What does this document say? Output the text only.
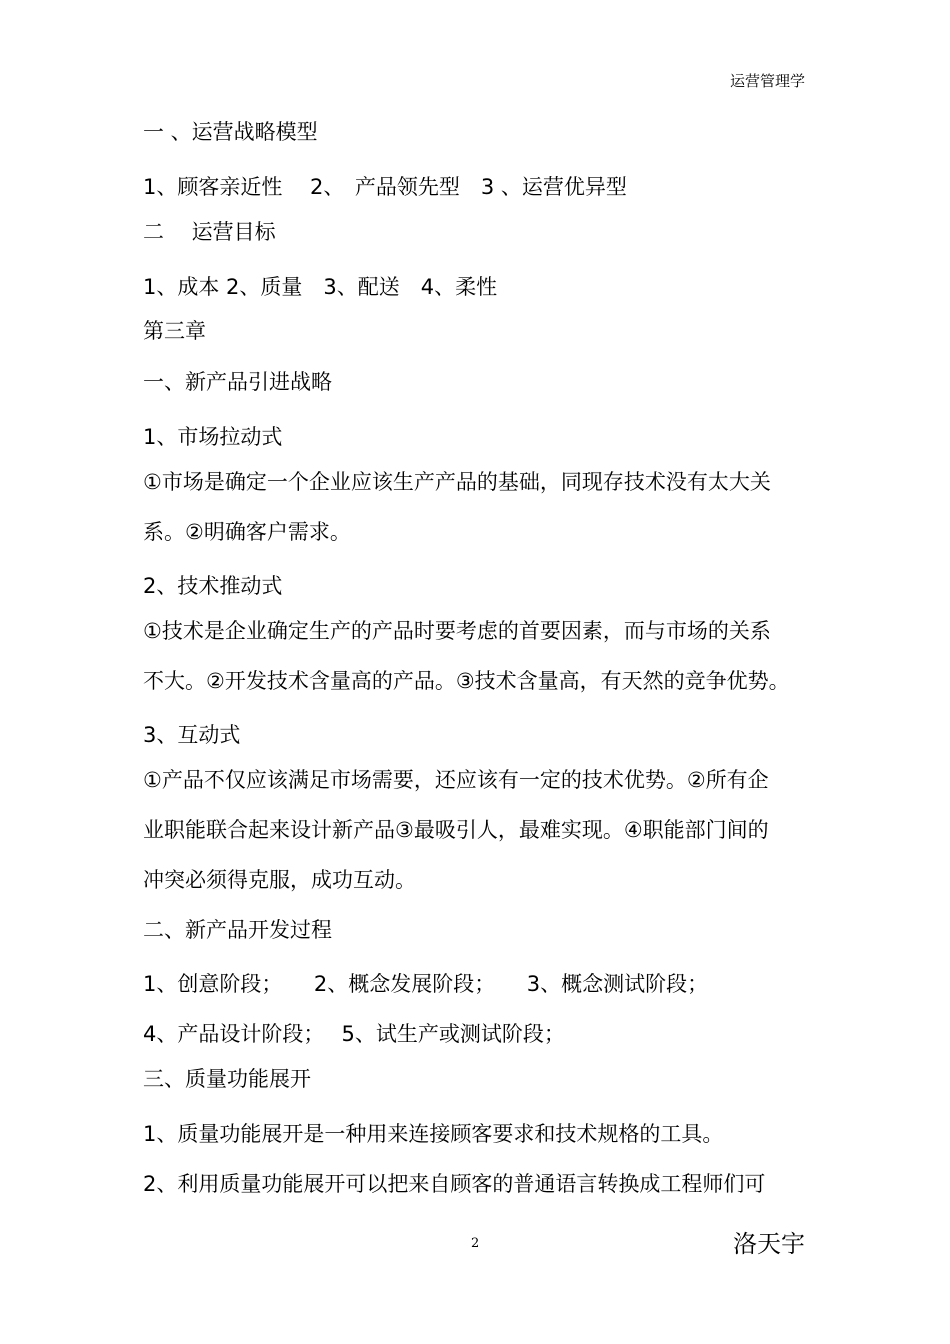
运营管理学
一 、运营战略模型
1、顾客亲近性　 2、　产品领先型　3 、运营优异型
二　 运营目标
1、成本 2、质量　3、配送　4、柔性
第三章
一、新产品引进战略
1、市场拉动式
①市场是确定一个企业应该生产产品的基础，同现存技术没有太大关
系。②明确客户需求。
2、技术推动式
①技术是企业确定生产的产品时要考虑的首要因素，而与市场的关系
不大。②开发技术含量高的产品。③技术含量高，有天然的竞争优势。
3、互动式
①产品不仅应该满足市场需要，还应该有一定的技术优势。②所有企
业职能联合起来设计新产品③最吸引人，最难实现。④职能部门间的
冲突必须得克服，成功互动。
二、新产品开发过程
1、创意阶段；　　2、概念发展阶段；　　3、概念测试阶段；
4、产品设计阶段；　 5、试生产或测试阶段；
三、质量功能展开
1、质量功能展开是一种用来连接顾客要求和技术规格的工具。
2、利用质量功能展开可以把来自顾客的普通语言转换成工程师们可
2	洛天宇
